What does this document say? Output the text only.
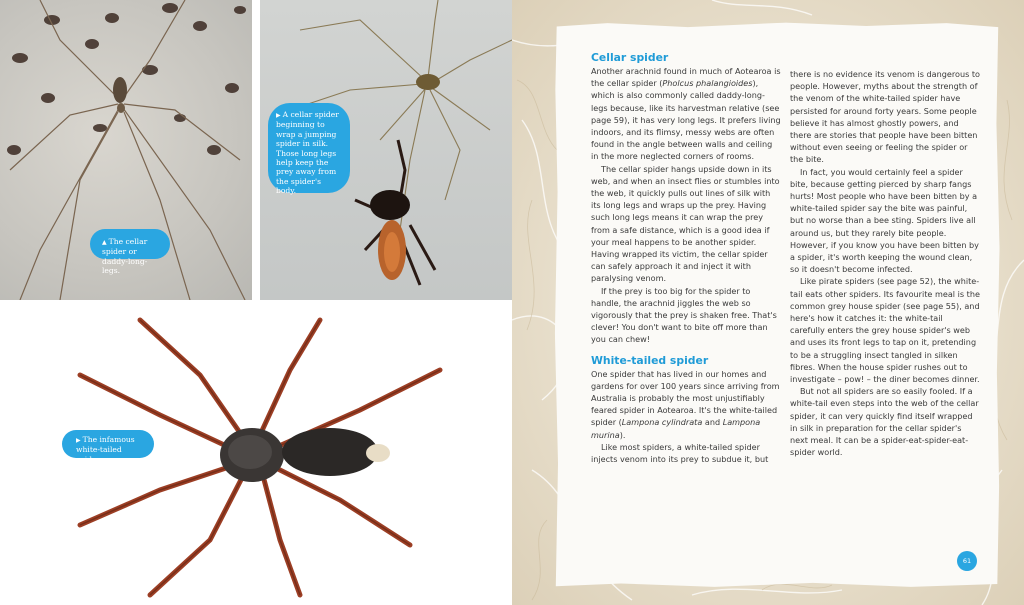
▲ The cellar spider or daddy-long-legs.
▶ A cellar spider beginning to wrap a jumping spider in silk. Those long legs help keep the prey away from the spider's body.
▶ The infamous white-tailed spider.
Cellar spider

Another arachnid found in much of Aotearoa is the cellar spider (Pholcus phalangioides), which is also commonly called daddy-long-legs because, like its harvestman relative (see page 59), it has very long legs. It prefers living indoors, and its flimsy, messy webs are often found in the angle between walls and ceiling in the more neglected corners of rooms.

The cellar spider hangs upside down in its web, and when an insect flies or stumbles into the web, it quickly pulls out lines of silk with its long legs and wraps up the prey. Having such long legs means it can wrap the prey from a safe distance, which is a good idea if your meal happens to be another spider. Having wrapped its victim, the cellar spider can safely approach it and inject it with paralysing venom.

If the prey is too big for the spider to handle, the arachnid jiggles the web so vigorously that the prey is shaken free. That's clever! You don't want to bite off more than you can chew!

White-tailed spider

One spider that has lived in our homes and gardens for over 100 years since arriving from Australia is probably the most unjustifiably feared spider in Aotearoa. It's the white-tailed spider (Lampona cylindrata and Lampona murina).

Like most spiders, a white-tailed spider injects venom into its prey to subdue it, but

there is no evidence its venom is dangerous to people. However, myths about the strength of the venom of the white-tailed spider have persisted for around forty years. Some people believe it has almost ghostly powers, and there are stories that people have been bitten without even seeing or feeling the spider or the bite.

In fact, you would certainly feel a spider bite, because getting pierced by sharp fangs hurts! Most people who have been bitten by a white-tailed spider say the bite was painful, but no worse than a bee sting. Spiders live all around us, but they rarely bite people. However, if you know you have been bitten by a spider, it's worth keeping the wound clean, so it doesn't become infected.

Like pirate spiders (see page 52), the white-tail eats other spiders. Its favourite meal is the common grey house spider (see page 55), and here's how it catches it: the white-tail carefully enters the grey house spider's web and uses its front legs to tap on it, pretending to be a struggling insect tangled in silken fibres. When the house spider rushes out to investigate – pow! – the diner becomes dinner.

But not all spiders are so easily fooled. If a white-tail even steps into the web of the cellar spider, it can very quickly find itself wrapped in silk in preparation for the cellar spider's next meal. It can be a spider-eat-spider-eat-spider world.

61
